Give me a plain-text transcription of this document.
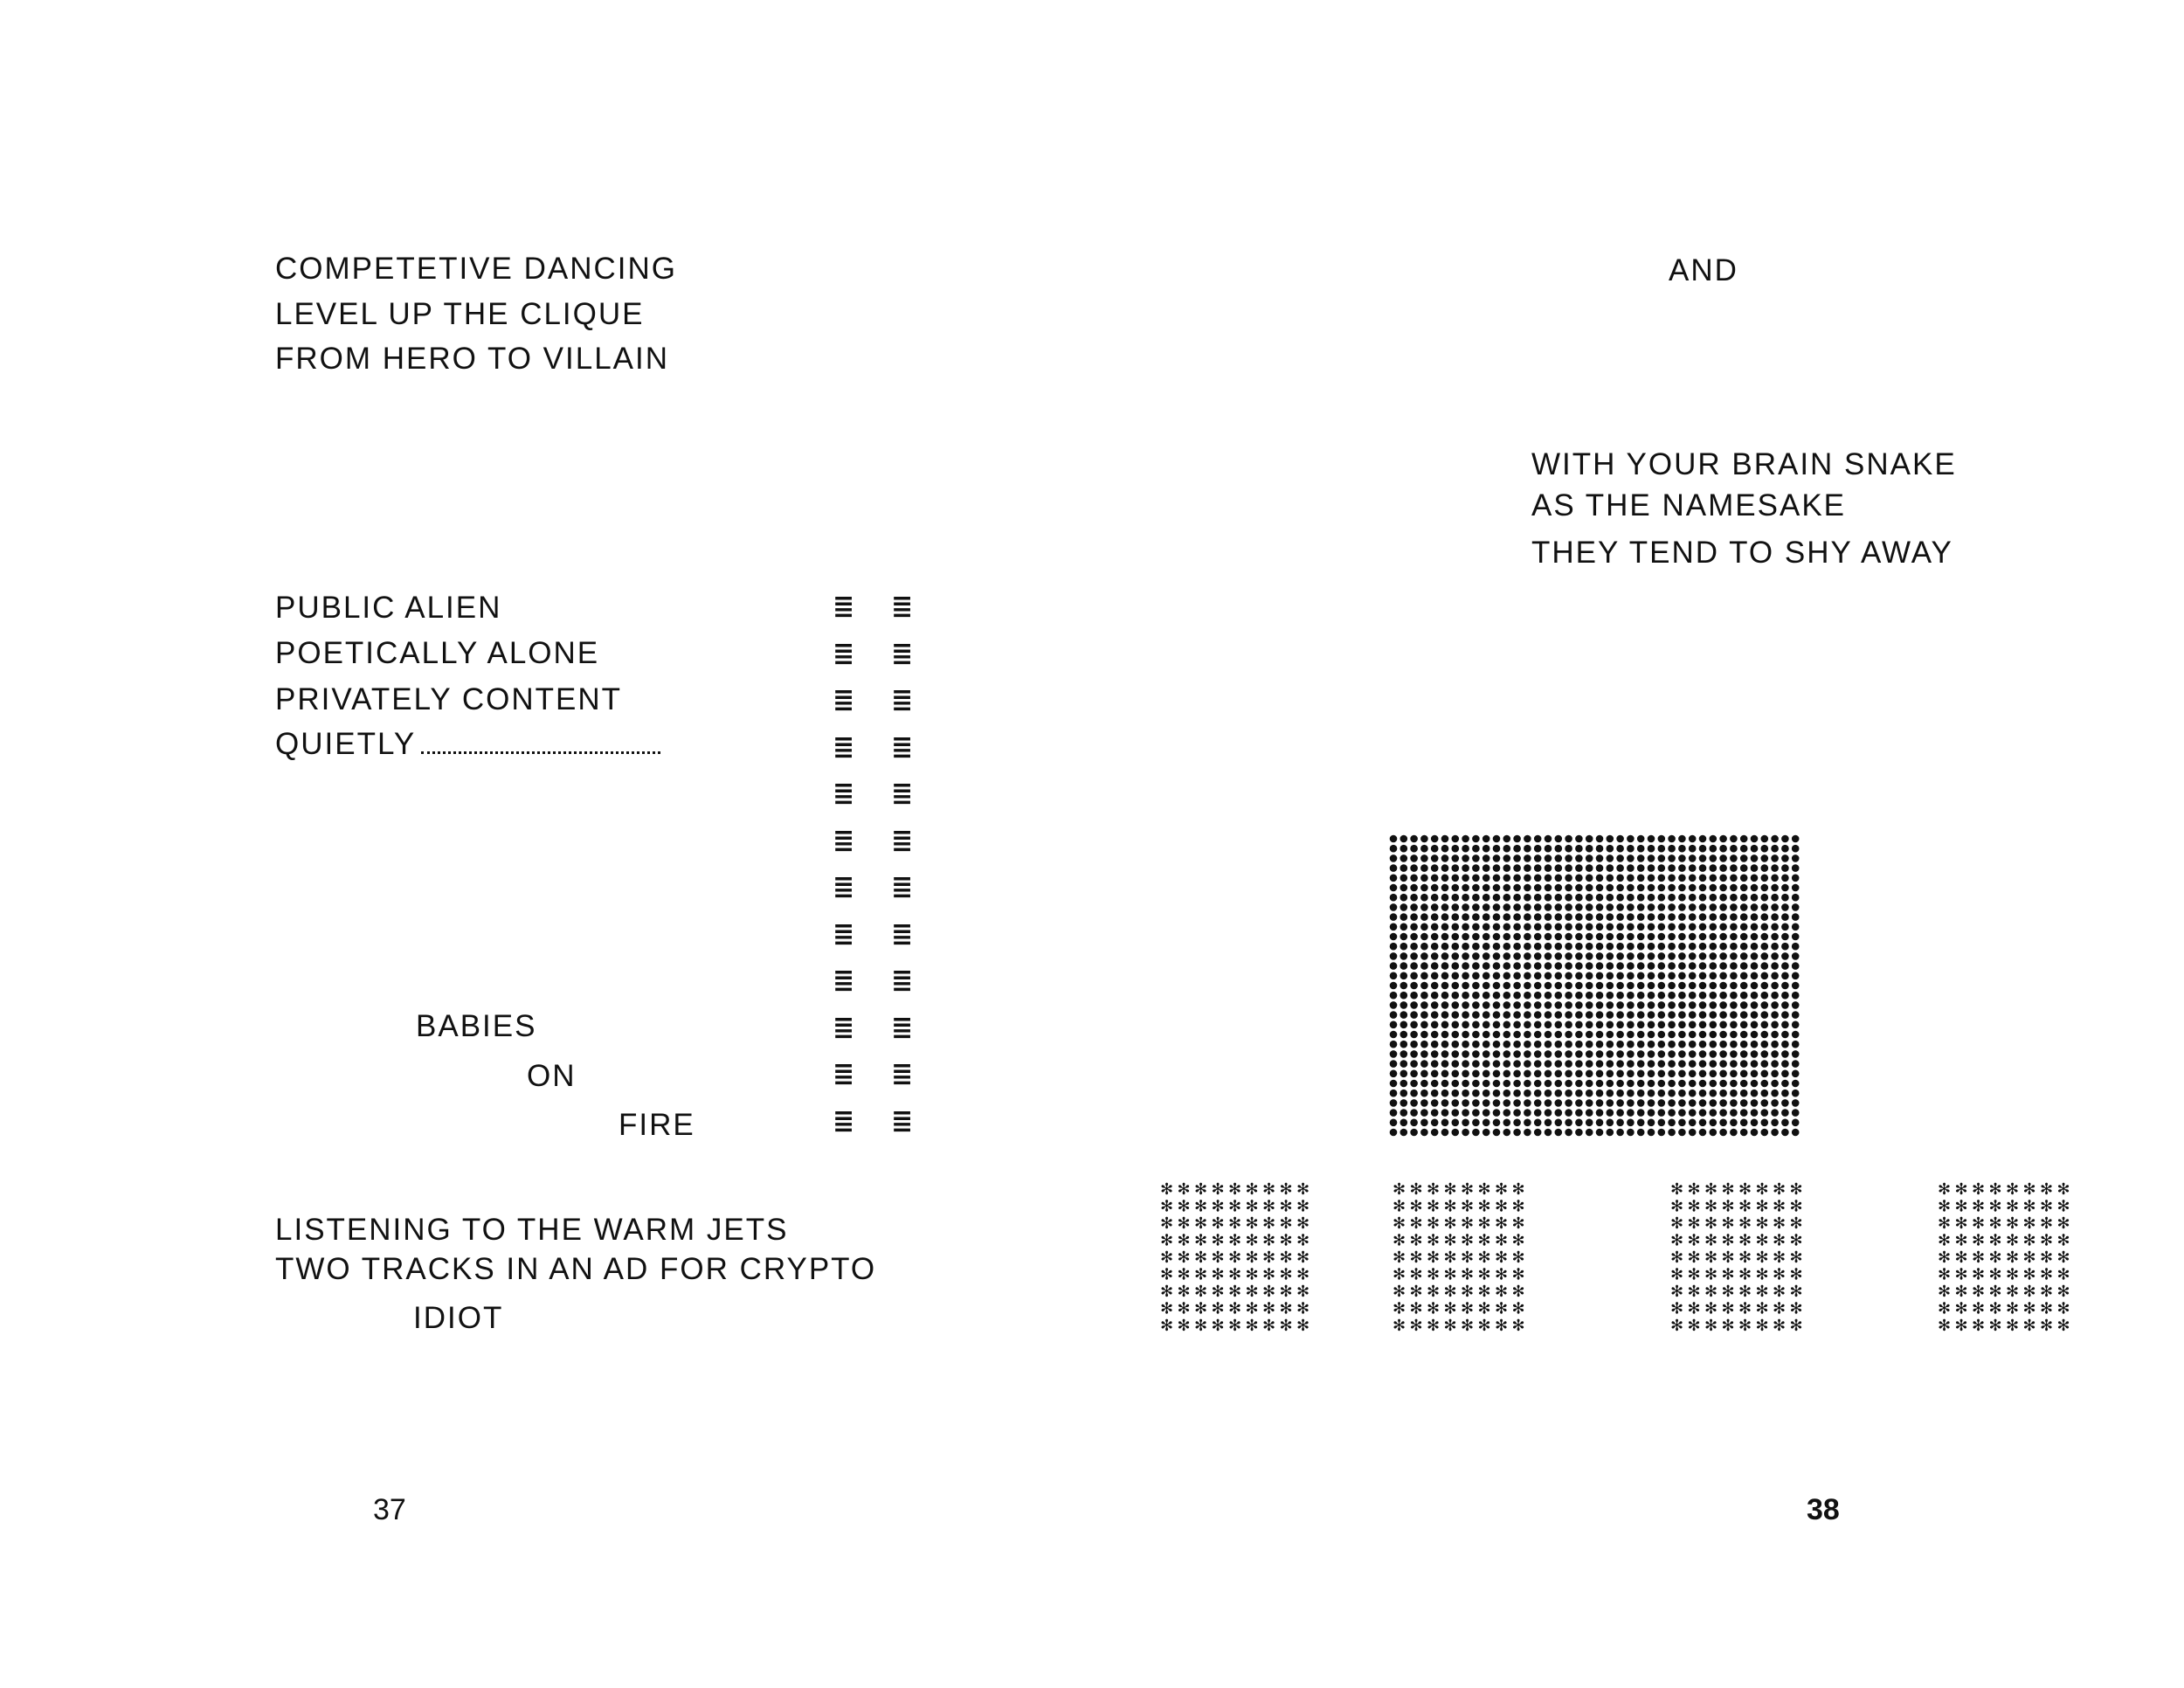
COMPETETIVE DANCING
LEVEL UP THE CLIQUE
FROM HERO TO VILLAIN
PUBLIC ALIEN
POETICALLY ALONE
PRIVATELY CONTENT
QUIETLY
BABIES
ON
FIRE
≣ ≣
≣ ≣
≣ ≣
≣ ≣
≣ ≣
≣ ≣
≣ ≣
≣ ≣
≣ ≣
≣ ≣
≣ ≣
≣ ≣
LISTENING TO THE WARM JETS
TWO TRACKS IN AN AD FOR CRYPTO
IDIOT
37
AND
WITH YOUR BRAIN SNAKE
AS THE NAMESAKE
THEY TEND TO SHY AWAY
✻ ✻ ✻ ✻ ✻ ✻ ✻ ✻ ✻
✻ ✻ ✻ ✻ ✻ ✻ ✻ ✻ ✻
✻ ✻ ✻ ✻ ✻ ✻ ✻ ✻ ✻
✻ ✻ ✻ ✻ ✻ ✻ ✻ ✻ ✻
✻ ✻ ✻ ✻ ✻ ✻ ✻ ✻ ✻
✻ ✻ ✻ ✻ ✻ ✻ ✻ ✻ ✻
✻ ✻ ✻ ✻ ✻ ✻ ✻ ✻ ✻
✻ ✻ ✻ ✻ ✻ ✻ ✻ ✻ ✻
✻ ✻ ✻ ✻ ✻ ✻ ✻ ✻ ✻
✻ ✻ ✻ ✻ ✻ ✻ ✻ ✻
✻ ✻ ✻ ✻ ✻ ✻ ✻ ✻
✻ ✻ ✻ ✻ ✻ ✻ ✻ ✻
✻ ✻ ✻ ✻ ✻ ✻ ✻ ✻
✻ ✻ ✻ ✻ ✻ ✻ ✻ ✻
✻ ✻ ✻ ✻ ✻ ✻ ✻ ✻
✻ ✻ ✻ ✻ ✻ ✻ ✻ ✻
✻ ✻ ✻ ✻ ✻ ✻ ✻ ✻
✻ ✻ ✻ ✻ ✻ ✻ ✻ ✻
✻ ✻ ✻ ✻ ✻ ✻ ✻ ✻
✻ ✻ ✻ ✻ ✻ ✻ ✻ ✻
✻ ✻ ✻ ✻ ✻ ✻ ✻ ✻
✻ ✻ ✻ ✻ ✻ ✻ ✻ ✻
✻ ✻ ✻ ✻ ✻ ✻ ✻ ✻
✻ ✻ ✻ ✻ ✻ ✻ ✻ ✻
✻ ✻ ✻ ✻ ✻ ✻ ✻ ✻
✻ ✻ ✻ ✻ ✻ ✻ ✻ ✻
✻ ✻ ✻ ✻ ✻ ✻ ✻ ✻
✻ ✻ ✻ ✻ ✻ ✻ ✻ ✻
✻ ✻ ✻ ✻ ✻ ✻ ✻ ✻
✻ ✻ ✻ ✻ ✻ ✻ ✻ ✻
✻ ✻ ✻ ✻ ✻ ✻ ✻ ✻
✻ ✻ ✻ ✻ ✻ ✻ ✻ ✻
✻ ✻ ✻ ✻ ✻ ✻ ✻ ✻
✻ ✻ ✻ ✻ ✻ ✻ ✻ ✻
✻ ✻ ✻ ✻ ✻ ✻ ✻ ✻
✻ ✻ ✻ ✻ ✻ ✻ ✻ ✻
38
